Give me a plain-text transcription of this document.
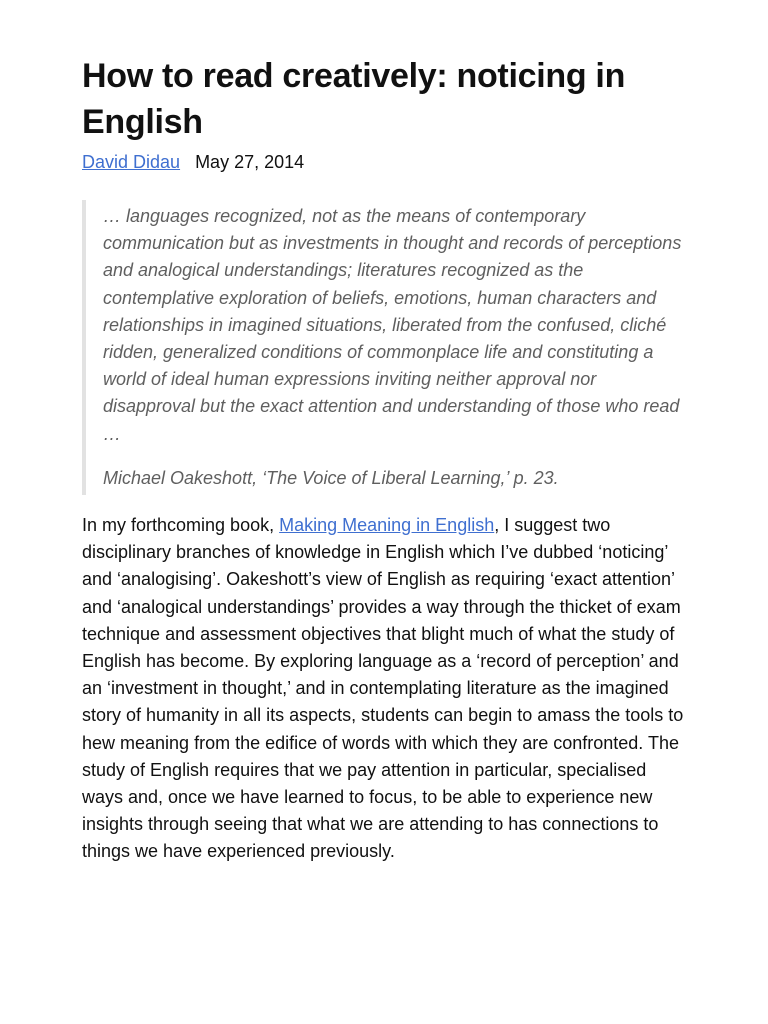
How to read creatively: noticing in English
David Didau May 27, 2014

… languages recognized, not as the means of contemporary communication but as investments in thought and records of perceptions and analogical understandings; literatures recognized as the contemplative exploration of beliefs, emotions, human characters and relationships in imagined situations, liberated from the confused, cliché ridden, generalized conditions of commonplace life and constituting a world of ideal human expressions inviting neither approval nor disapproval but the exact attention and understanding of those who read …

Michael Oakeshott, ‘The Voice of Liberal Learning,’ p. 23.

In my forthcoming book, Making Meaning in English, I suggest two disciplinary branches of knowledge in English which I’ve dubbed ‘noticing’ and ‘analogising’. Oakeshott’s view of English as requiring ‘exact attention’ and ‘analogical understandings’ provides a way through the thicket of exam technique and assessment objectives that blight much of what the study of English has become. By exploring language as a ‘record of perception’ and an ‘investment in thought,’ and in contemplating literature as the imagined story of humanity in all its aspects, students can begin to amass the tools to hew meaning from the edifice of words with which they are confronted. The study of English requires that we pay attention in particular, specialised ways and, once we have learned to focus, to be able to experience new insights through seeing that what we are attending to has connections to things we have experienced previously.
